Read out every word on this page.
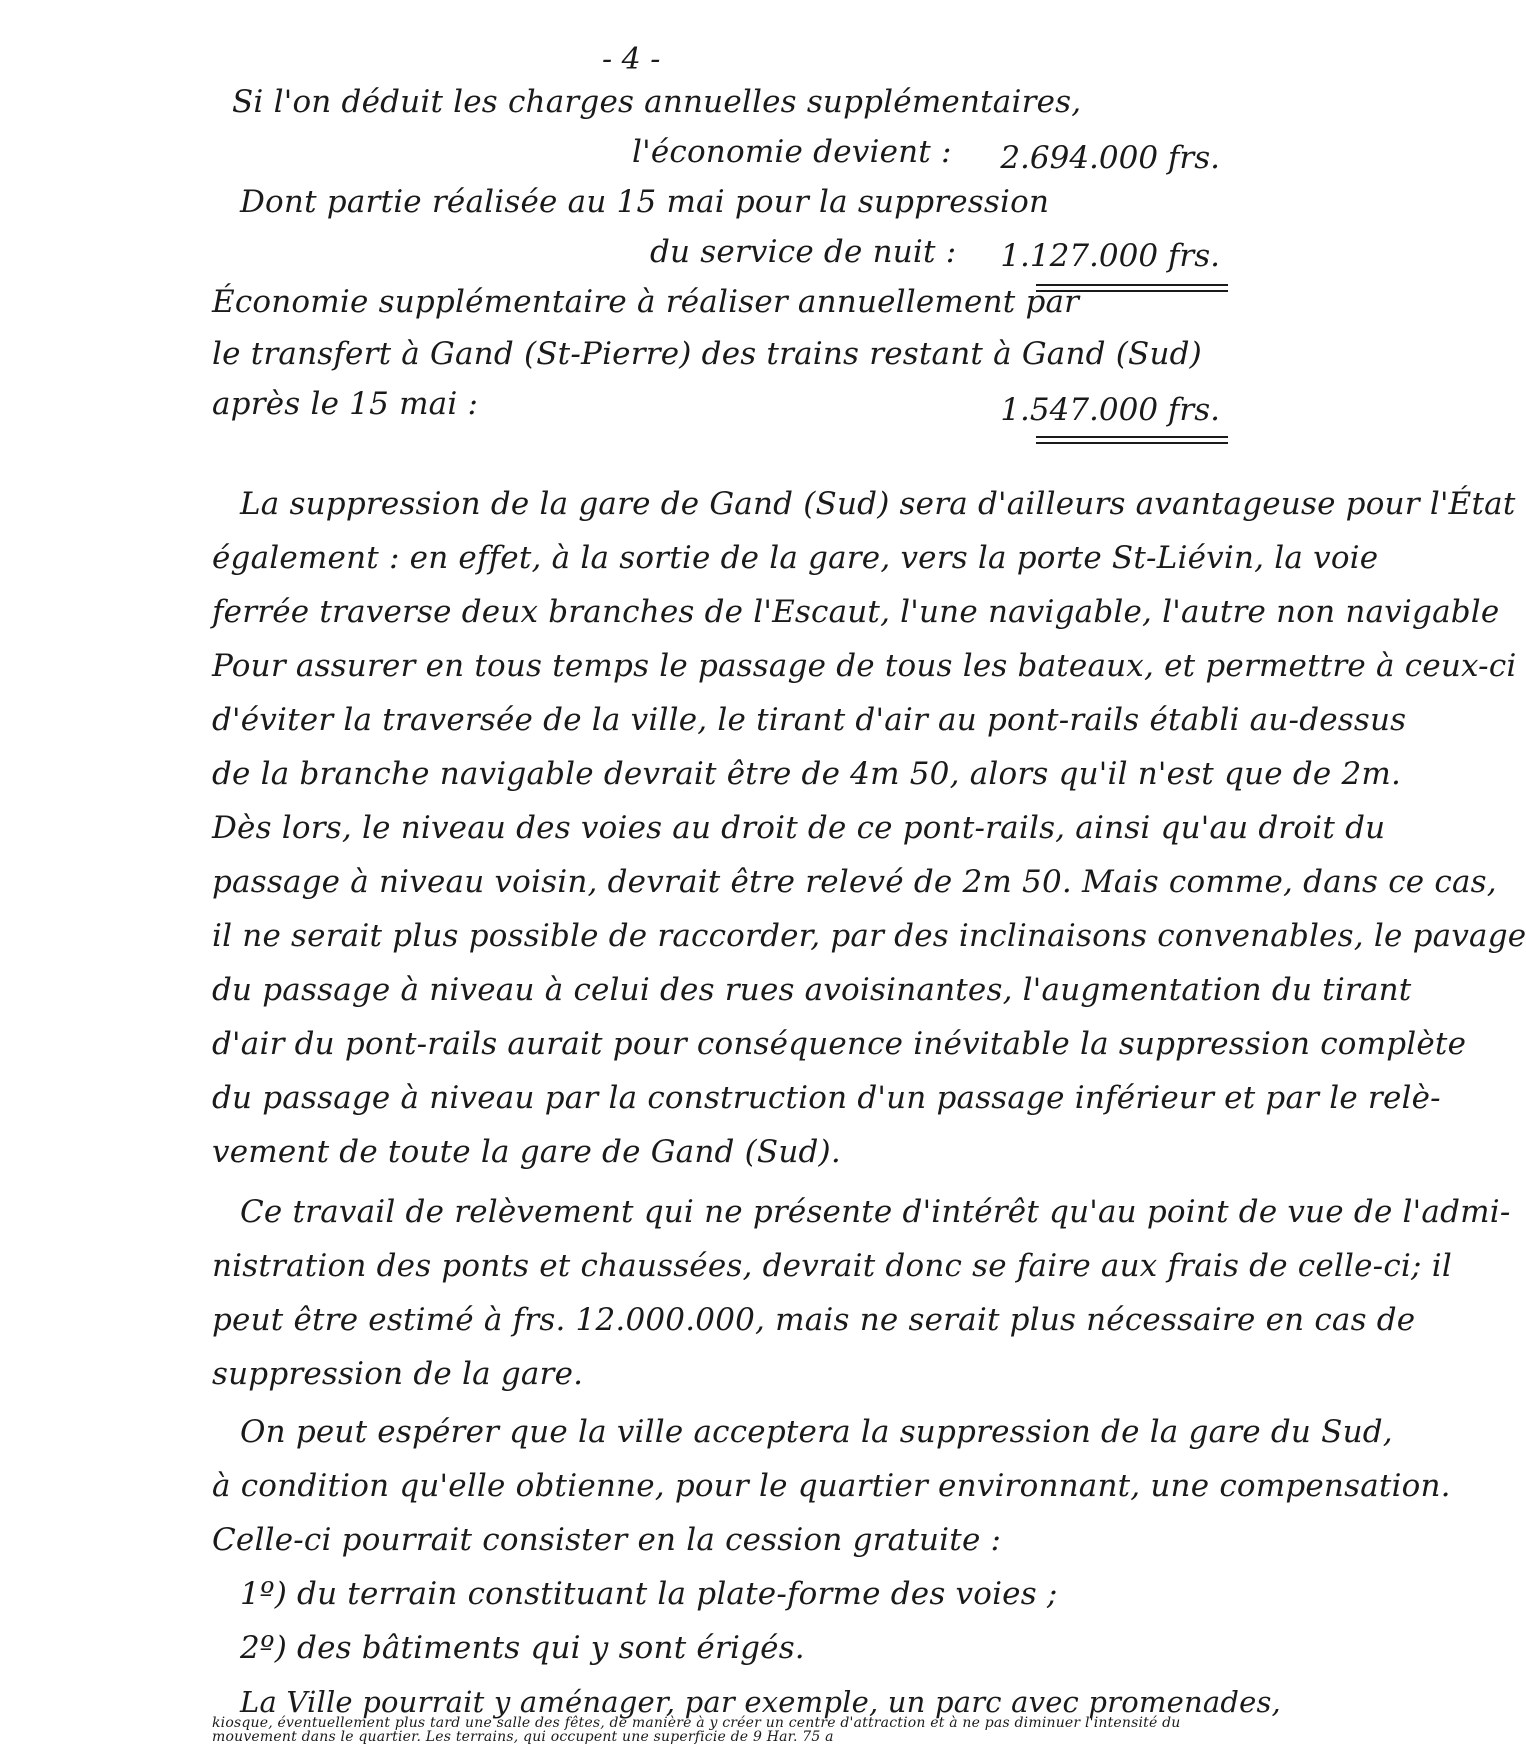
- 4 -
Si l'on déduit les charges annuelles supplémentaires,
l'économie devient : 2.694.000 frs.
Dont partie réalisée au 15 mai pour la suppression
du service de nuit : 1.127.000 frs.
Économie supplémentaire à réaliser annuellement par
le transfert à Gand (St-Pierre) des trains restant à Gand (Sud)
après le 15 mai :	1.547.000 frs.
La suppression de la gare de Gand (Sud) sera d'ailleurs avantageuse pour l'État
également : en effet, à la sortie de la gare, vers la porte St-Liévin, la voie
ferrée traverse deux branches de l'Escaut, l'une navigable, l'autre non navigable
Pour assurer en tous temps le passage de tous les bateaux, et permettre à ceux-ci
d'éviter la traversée de la ville, le tirant d'air au pont-rails établi au-dessus
de la branche navigable devrait être de 4m 50, alors qu'il n'est que de 2m.
Dès lors, le niveau des voies au droit de ce pont-rails, ainsi qu'au droit du
passage à niveau voisin, devrait être relevé de 2m 50. Mais comme, dans ce cas,
il ne serait plus possible de raccorder, par des inclinaisons convenables, le pavage
du passage à niveau à celui des rues avoisinantes, l'augmentation du tirant
d'air du pont-rails aurait pour conséquence inévitable la suppression complète
du passage à niveau par la construction d'un passage inférieur et par le relè-
vement de toute la gare de Gand (Sud).
Ce travail de relèvement qui ne présente d'intérêt qu'au point de vue de l'admi-
nistration des ponts et chaussées, devrait donc se faire aux frais de celle-ci; il
peut être estimé à frs. 12.000.000, mais ne serait plus nécessaire en cas de
suppression de la gare.
On peut espérer que la ville acceptera la suppression de la gare du Sud,
à condition qu'elle obtienne, pour le quartier environnant, une compensation.
Celle-ci pourrait consister en la cession gratuite :
1º) du terrain constituant la plate-forme des voies ;
2º) des bâtiments qui y sont érigés.
La Ville pourrait y aménager, par exemple, un parc avec promenades,
kiosque, éventuellement plus tard une salle des fêtes, de manière à y créer un centre d'attraction et à ne pas diminuer l'intensité du mouvement dans le quartier. Les terrains, qui occupent une superficie de 9 Har. 75 a
